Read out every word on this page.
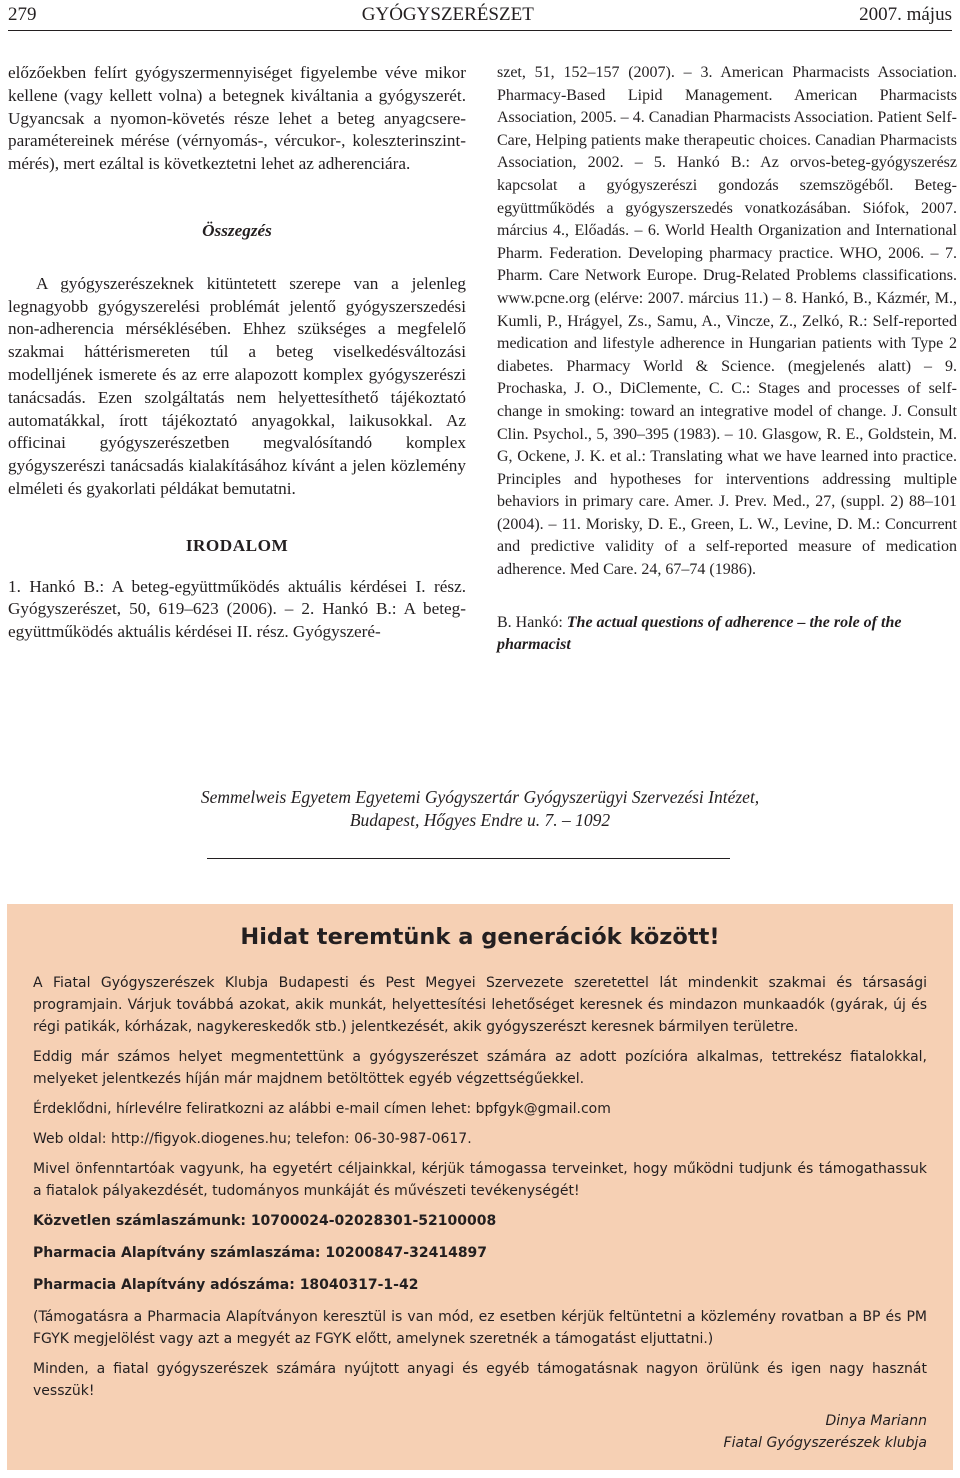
279	GYÓGYSZERÉSZET	2007. május

előzőekben felírt gyógyszermennyiséget figyelembe véve mikor kellene (vagy kellett volna) a betegnek kiváltania a gyógyszerét. Ugyancsak a nyomon-követés része lehet a beteg anyagcsere-paramétereinek mérése (vérnyomás-, vércukor-, koleszterinszint-mérés), mert ezáltal is következtetni lehet az adherenciára.

Összegzés

A gyógyszerészeknek kitüntetett szerepe van a jelenleg legnagyobb gyógyszerelési problémát jelentő gyógyszerszedési non-adherencia mérséklésében. Ehhez szükséges a megfelelő szakmai háttérismereten túl a beteg viselkedésváltozási modelljének ismerete és az erre alapozott komplex gyógyszerészi tanácsadás. Ezen szolgáltatás nem helyettesíthető tájékoztató automatákkal, írott tájékoztató anyagokkal, laikusokkal. Az officinai gyógyszerészetben megvalósítandó komplex gyógyszerészi tanácsadás kialakításához kívánt a jelen közlemény elméleti és gyakorlati példákat bemutatni.

IRODALOM

1. Hankó B.: A beteg-együttműködés aktuális kérdései I. rész. Gyógyszerészet, 50, 619–623 (2006). – 2. Hankó B.: A beteg-együttműködés aktuális kérdései II. rész. Gyógyszeré-

szet, 51, 152–157 (2007). – 3. American Pharmacists Association. Pharmacy-Based Lipid Management. American Pharmacists Association, 2005. – 4. Canadian Pharmacists Association. Patient Self-Care, Helping patients make therapeutic choices. Canadian Pharmacists Association, 2002. – 5. Hankó B.: Az orvos-beteg-gyógyszerész kapcsolat a gyógyszerészi gondozás szemszögéből. Beteg-együttműködés a gyógyszerszedés vonatkozásában. Siófok, 2007. március 4., Előadás. – 6. World Health Organization and International Pharm. Federation. Developing pharmacy practice. WHO, 2006. – 7. Pharm. Care Network Europe. Drug-Related Problems classifications. www.pcne.org (elérve: 2007. március 11.) – 8. Hankó, B., Kázmér, M., Kumli, P., Hrágyel, Zs., Samu, A., Vincze, Z., Zelkó, R.: Self-reported medication and lifestyle adherence in Hungarian patients with Type 2 diabetes. Pharmacy World & Science. (megjelenés alatt) – 9. Prochaska, J. O., DiClemente, C. C.: Stages and processes of self-change in smoking: toward an integrative model of change. J. Consult Clin. Psychol., 5, 390–395 (1983). – 10. Glasgow, R. E., Goldstein, M. G, Ockene, J. K. et al.: Translating what we have learned into practice. Principles and hypotheses for interventions addressing multiple behaviors in primary care. Amer. J. Prev. Med., 27, (suppl. 2) 88–101 (2004). – 11. Morisky, D. E., Green, L. W., Levine, D. M.: Concurrent and predictive validity of a self-reported measure of medication adherence. Med Care. 24, 67–74 (1986).

B. Hankó: The actual questions of adherence – the role of the pharmacist

Semmelweis Egyetem Egyetemi Gyógyszertár Gyógyszerügyi Szervezési Intézet,
Budapest, Hőgyes Endre u. 7. – 1092
Hidat teremtünk a generációk között!

A Fiatal Gyógyszerészek Klubja Budapesti és Pest Megyei Szervezete szeretettel lát mindenkit szakmai és társasági programjain. Várjuk továbbá azokat, akik munkát, helyettesítési lehetőséget keresnek és mindazon munkaadók (gyárak, új és régi patikák, kórházak, nagykereskedők stb.) jelentkezését, akik gyógyszerészt keresnek bármilyen területre.

Eddig már számos helyet megmentettünk a gyógyszerészet számára az adott pozícióra alkalmas, tettrekész fiatalokkal, melyeket jelentkezés híján már majdnem betöltöttek egyéb végzettségűekkel.

Érdeklődni, hírlevélre feliratkozni az alábbi e-mail címen lehet: bpfgyk@gmail.com

Web oldal: http://figyok.diogenes.hu; telefon: 06-30-987-0617.

Mivel önfenntartóak vagyunk, ha egyetért céljainkkal, kérjük támogassa terveinket, hogy működni tudjunk és támogathassuk a fiatalok pályakezdését, tudományos munkáját és művészeti tevékenységét!

Közvetlen számlaszámunk: 10700024-02028301-52100008

Pharmacia Alapítvány számlaszáma: 10200847-32414897

Pharmacia Alapítvány adószáma: 18040317-1-42

(Támogatásra a Pharmacia Alapítványon keresztül is van mód, ez esetben kérjük feltüntetni a közlemény rovatban a BP és PM FGYK megjelölést vagy azt a megyét az FGYK előtt, amelynek szeretnék a támogatást eljuttatni.)

Minden, a fiatal gyógyszerészek számára nyújtott anyagi és egyéb támogatásnak nagyon örülünk és igen nagy hasznát vesszük!

Dinya Mariann
Fiatal Gyógyszerészek klubja
